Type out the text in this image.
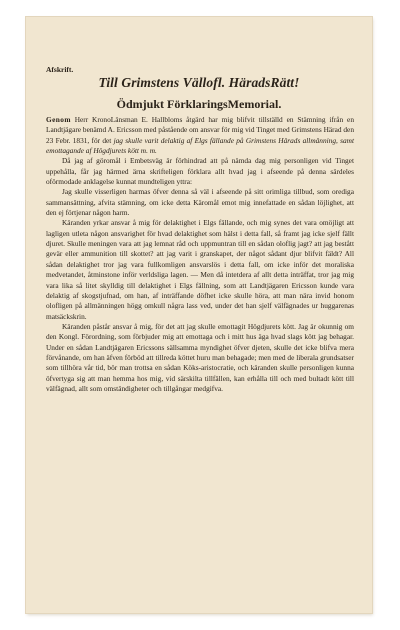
Afskrift.
Till Grimstens Vällofl. HäradsRätt!
Ödmjukt FörklaringsMemorial.

Genom Herr KronoLänsman E. Hallbloms åtgärd har mig blifvit tillställd en Stämning ifrån en Landtjägare benämd A. Ericsson med påstående om ansvar för mig vid Tinget med Grimstens Härad den 23 Febr. 1831, för det jag skulle varit delaktig af Elgs fällande på Grimstens Härads allmänning, samt emottagande af Högdjurets kött m. m.

Då jag af göromål i Embetsväg är förhindrad att på nämda dag mig personligen vid Tinget uppehålla, får jag härmed ärna skrifteligen förklara allt hvad jag i afseende på denna särdeles oförmodade anklagelse kunnat mundteligen yttra:

Jag skulle visserligen harmas öfver denna så väl i afseende på sitt orimliga tillbud, som orediga sammansättning, afvita stämning, om icke detta Käromål emot mig innefattade en sådan löjlighet, att den ej förtjenar någon harm.

Käranden yrkar ansvar å mig för delaktighet i Elgs fällande, och mig synes det vara omöjligt att lagligen utleta någon ansvarighet för hvad delaktighet som hälst i detta fall, så framt jag icke sjelf fällt djuret. Skulle meningen vara att jag lemnat råd och uppmuntran till en sådan oloflig jagt? att jag bestått gevär eller ammunition till skottet? att jag varit i granskapet, der något sådant djur blifvit fäldt? All sådan delaktighet tror jag vara fullkomligen ansvarslös i detta fall, om icke inför det moraliska medvetandet, åtminstone inför verldsliga lagen. — Men då intetdera af allt detta inträffat, tror jag mig vara lika så litet skylldig till delaktighet i Elgs fällning, som att Landtjägaren Ericsson kunde vara delaktig af skogstjufnad, om han, af inträffande döfhet icke skulle höra, att man nära invid honom olofligen på allmänningen högg omkull några lass ved, under det han sjelf välfägnades ur huggarenas matsäckskrin.

Käranden påstår ansvar å mig, för det att jag skulle emottagit Högdjurets kött. Jag är okunnig om den Kongl. Förordning, som förbjuder mig att emottaga och i mitt hus äga hvad slags kött jag behagar. Under en sådan Landtjägaren Ericssons sällsamma myndighet öfver djeten, skulle det icke blifva mera förvånande, om han äfven förböd att tillreda köttet huru man behagade; men med de liberala grundsatser som tillhöra vår tid, bör man trottsa en sådan Köks-aristocratie, och käranden skulle personligen kunna öfvertyga sig att man hemma hos mig, vid särskilta tillfällen, kan erhålla till och med bultadt kött till välfägnad, allt som omständigheter och tillgångar medgifva.
